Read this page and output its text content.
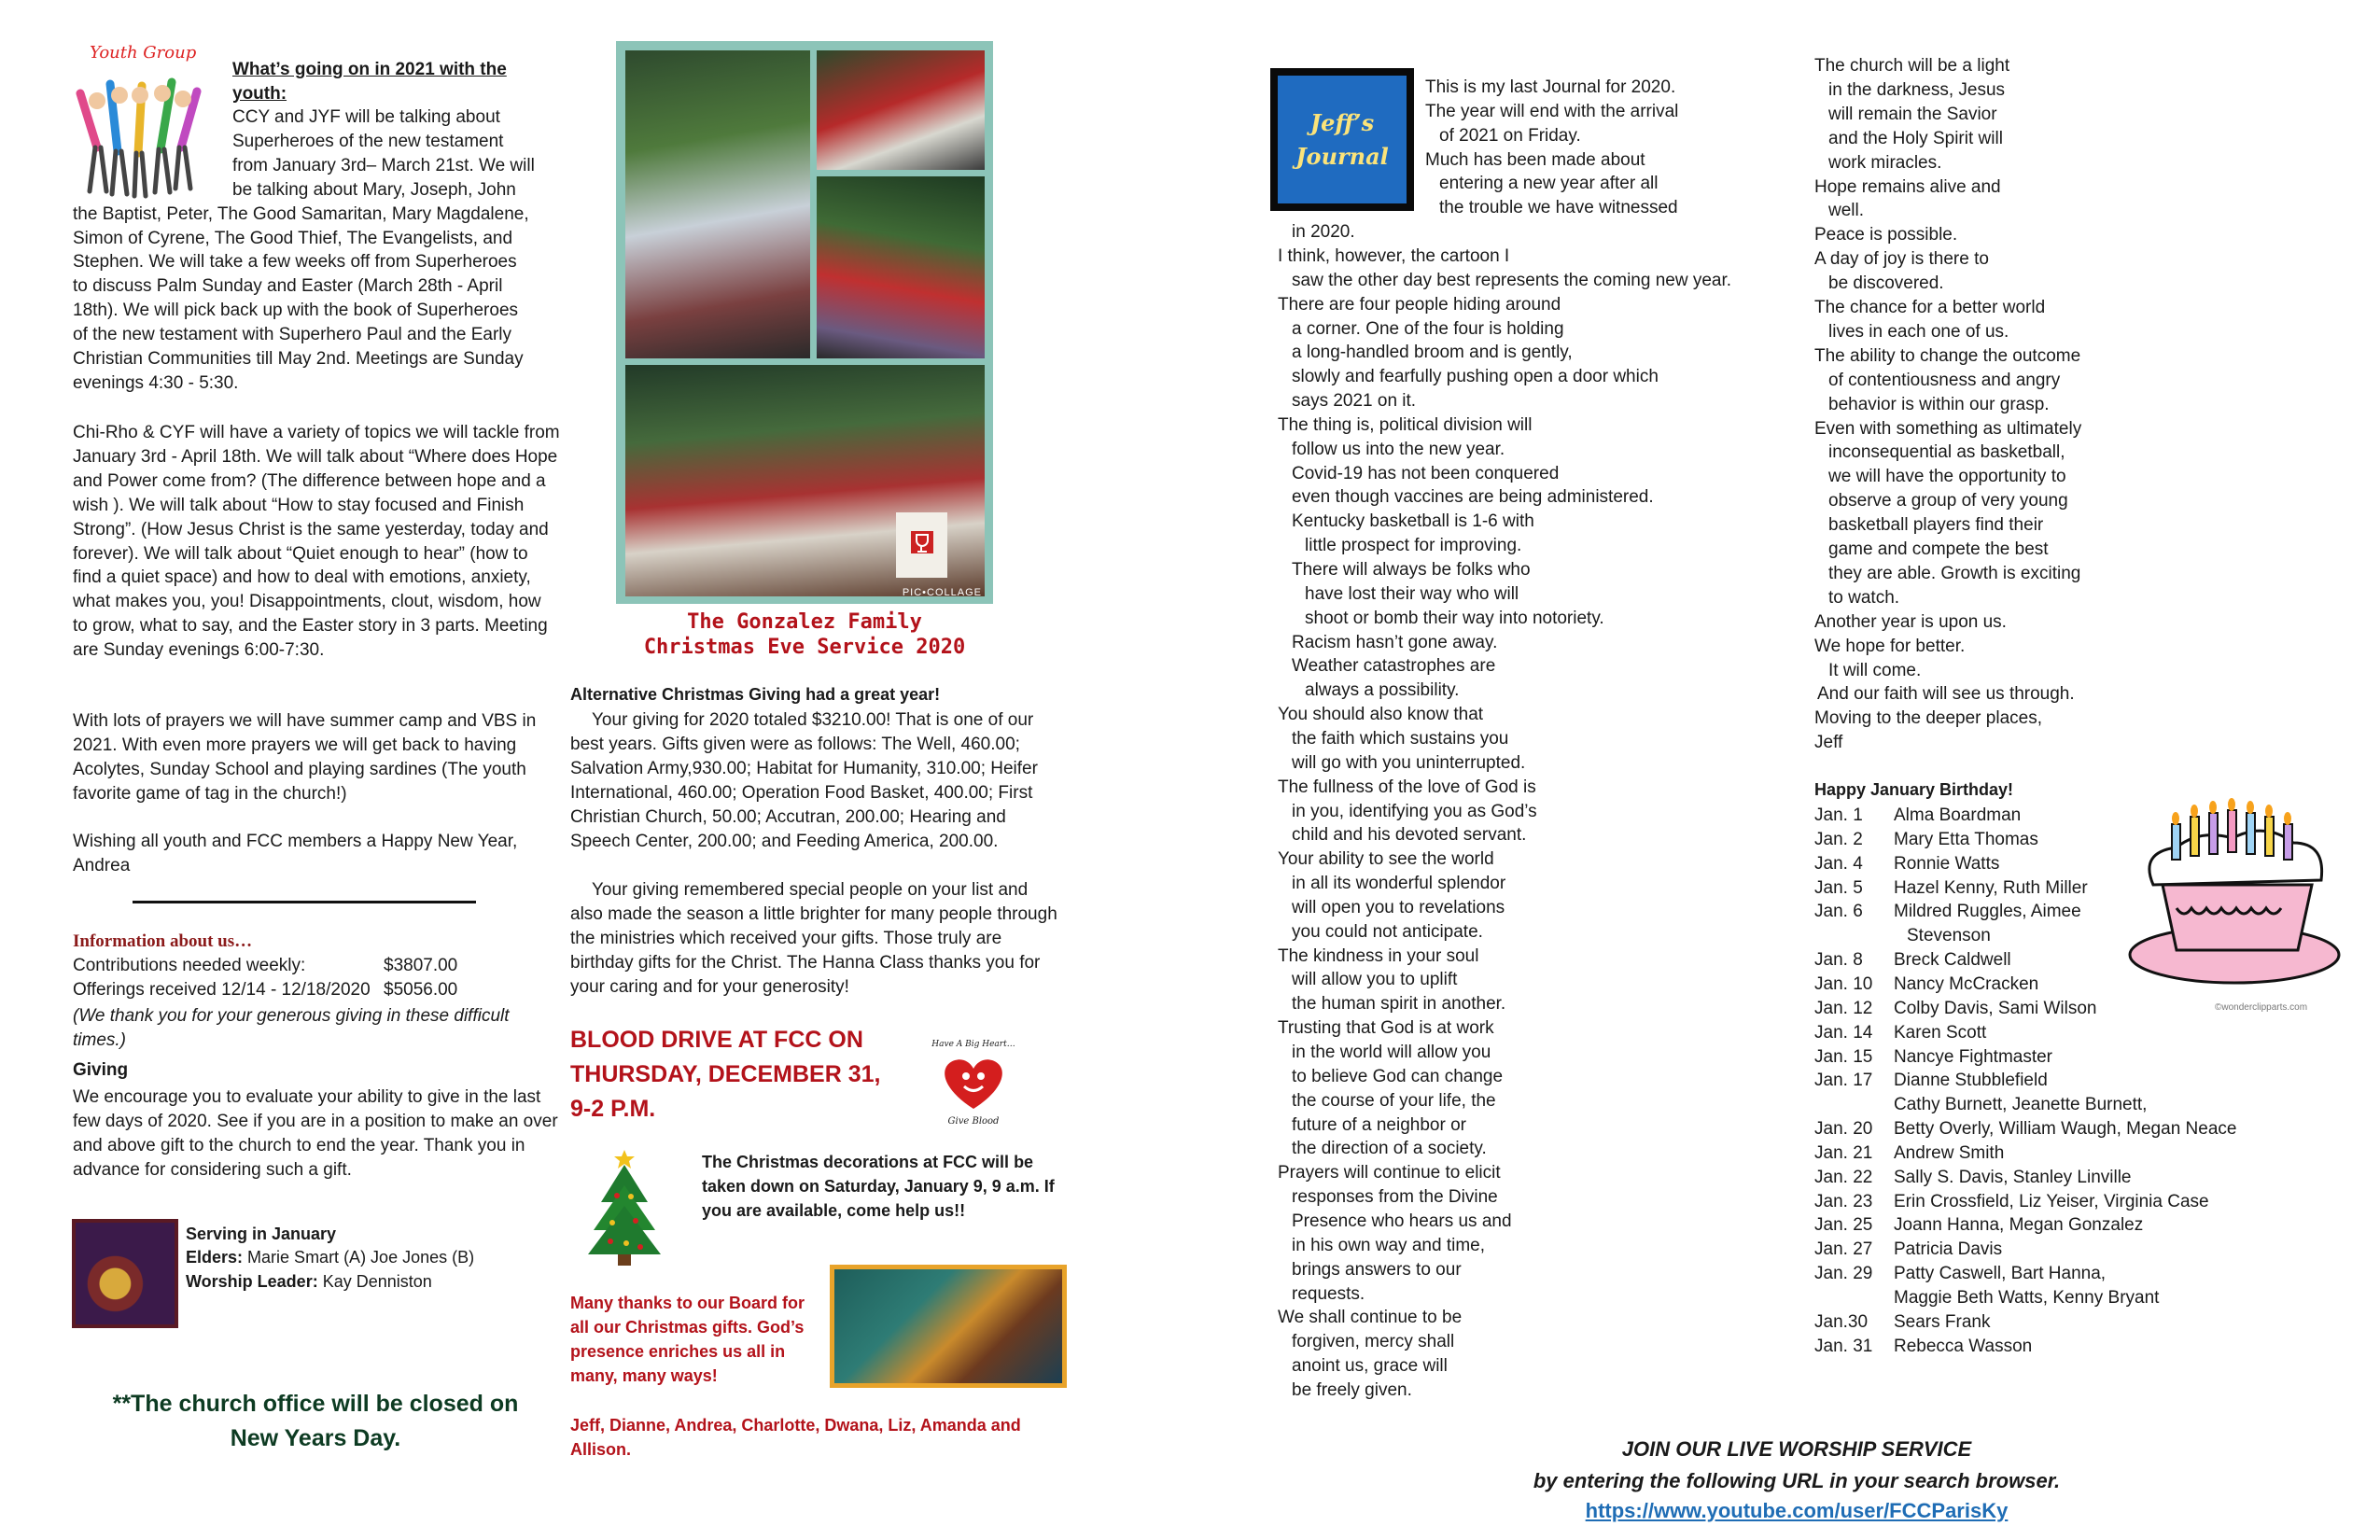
Youth Group

What’s going on in 2021 with the youth:

CCY and JYF will be talking about
Superheroes of the new testament
from January 3rd– March 21st. We will
be talking about Mary, Joseph, John
the Baptist, Peter, The Good Samaritan, Mary Magdalene,
Simon of Cyrene, The Good Thief, The Evangelists, and
Stephen. We will take a few weeks off from Superheroes
to discuss Palm Sunday and Easter (March 28th - April
18th). We will pick back up with the book of Superheroes
of the new testament with Superhero Paul and the Early
Christian Communities till May 2nd. Meetings are Sunday
evenings 4:30 - 5:30.

Chi-Rho & CYF will have a variety of topics we will tackle from January 3rd - April 18th. We will talk about “Where does Hope and Power come from? (The difference between hope and a wish ). We will talk about “How to stay focused and Finish Strong”. (How Jesus Christ is the same yesterday, today and forever). We will talk about “Quiet enough to hear” (how to find a quiet space) and how to deal with emotions, anxiety, what makes you, you! Disappointments, clout, wisdom, how to grow, what to say, and the Easter story in 3 parts. Meeting are Sunday evenings 6:00-7:30.

With lots of prayers we will have summer camp and VBS in 2021. With even more prayers we will get back to having Acolytes, Sunday School and playing sardines (The youth favorite game of tag in the church!)

Wishing all youth and FCC members a Happy New Year, Andrea

Information about us…

Contributions needed weekly:	$3807.00
Offerings received 12/14 - 12/18/2020 $5056.00

(We thank you for your generous giving in these difficult times.)

Giving

We encourage you to evaluate your ability to give in the last few days of 2020. See if you are in a position to make an over and above gift to the church to end the year. Thank you in advance for considering such a gift.

Serving in January

Elders: Marie Smart (A) Joe Jones (B)

Worship Leader: Kay Denniston

**The church office will be closed on New Years Day.

PIC•COLLAGE

The Gonzalez Family
Christmas Eve Service 2020

Alternative Christmas Giving had a great year!

Your giving for 2020 totaled $3210.00! That is one of our best years. Gifts given were as follows: The Well, 460.00; Salvation Army,930.00; Habitat for Humanity, 310.00; Heifer International, 460.00; Operation Food Basket, 400.00; First Christian Church, 50.00; Accutran, 200.00; Hearing and Speech Center, 200.00; and Feeding America, 200.00.

Your giving remembered special people on your list and also made the season a little brighter for many people through the ministries which received your gifts. Those truly are birthday gifts for the Christ. The Hanna Class thanks you for your caring and for your generosity!

BLOOD DRIVE AT FCC ON THURSDAY, DECEMBER 31, 9-2 P.M.

Have A Big Heart…
Give Blood

The Christmas decorations at FCC will be taken down on Saturday, January 9, 9 a.m. If you are available, come help us!!

Many thanks to our Board for all our Christmas gifts. God’s presence enriches us all in many, many ways!

Jeff, Dianne, Andrea, Charlotte, Dwana, Liz, Amanda and Allison.

Jeff’s
Journal
This is my last Journal for 2020.
The year will end with the arrival
of 2021 on Friday.
Much has been made about
entering a new year after all
the trouble we have witnessed
in 2020.
I think, however, the cartoon I
saw the other day best represents the coming new year.
There are four people hiding around
a corner. One of the four is holding
a long-handled broom and is gently,
slowly and fearfully pushing open a door which
says 2021 on it.
The thing is, political division will
follow us into the new year.
Covid-19 has not been conquered
even though vaccines are being administered.
Kentucky basketball is 1-6 with
little prospect for improving.
There will always be folks who
have lost their way who will
shoot or bomb their way into notoriety.
Racism hasn’t gone away.
Weather catastrophes are
always a possibility.
You should also know that
the faith which sustains you
will go with you uninterrupted.
The fullness of the love of God is
in you, identifying you as God’s
child and his devoted servant.
Your ability to see the world
in all its wonderful splendor
will open you to revelations
you could not anticipate.
The kindness in your soul
will allow you to uplift
the human spirit in another.
Trusting that God is at work
in the world will allow you
to believe God can change
the course of your life, the
future of a neighbor or
the direction of a society.
Prayers will continue to elicit
responses from the Divine
Presence who hears us and
in his own way and time,
brings answers to our
requests.
We shall continue to be
forgiven, mercy shall
anoint us, grace will
be freely given.
The church will be a light
in the darkness, Jesus
will remain the Savior
and the Holy Spirit will
work miracles.
Hope remains alive and
well.
Peace is possible.
A day of joy is there to
be discovered.
The chance for a better world
lives in each one of us.
The ability to change the outcome
of contentiousness and angry
behavior is within our grasp.
Even with something as ultimately
inconsequential as basketball,
we will have the opportunity to
observe a group of very young
basketball players find their
game and compete the best
they are able. Growth is exciting
to watch.
Another year is upon us.
We hope for better.
It will come.
And our faith will see us through.
Moving to the deeper places,
Jeff

Happy January Birthday!

Jan. 1 Alma Boardman
Jan. 2 Mary Etta Thomas
Jan. 4 Ronnie Watts
Jan. 5 Hazel Kenny, Ruth Miller
Jan. 6 Mildred Ruggles, Aimee
Stevenson
Jan. 8 Breck Caldwell
Jan. 10 Nancy McCracken
Jan. 12 Colby Davis, Sami Wilson
Jan. 14 Karen Scott
Jan. 15 Nancye Fightmaster
Jan. 17 Dianne Stubblefield
Cathy Burnett, Jeanette Burnett,
Jan. 20 Betty Overly, William Waugh, Megan Neace
Jan. 21 Andrew Smith
Jan. 22 Sally S. Davis, Stanley Linville
Jan. 23 Erin Crossfield, Liz Yeiser, Virginia Case
Jan. 25 Joann Hanna, Megan Gonzalez
Jan. 27 Patricia Davis
Jan. 29 Patty Caswell, Bart Hanna,
Maggie Beth Watts, Kenny Bryant
Jan.30 Sears Frank
Jan. 31 Rebecca Wasson

©wonderclipparts.com

JOIN OUR LIVE WORSHIP SERVICE

by entering the following URL in your search browser.

https://www.youtube.com/user/FCCParisKy
